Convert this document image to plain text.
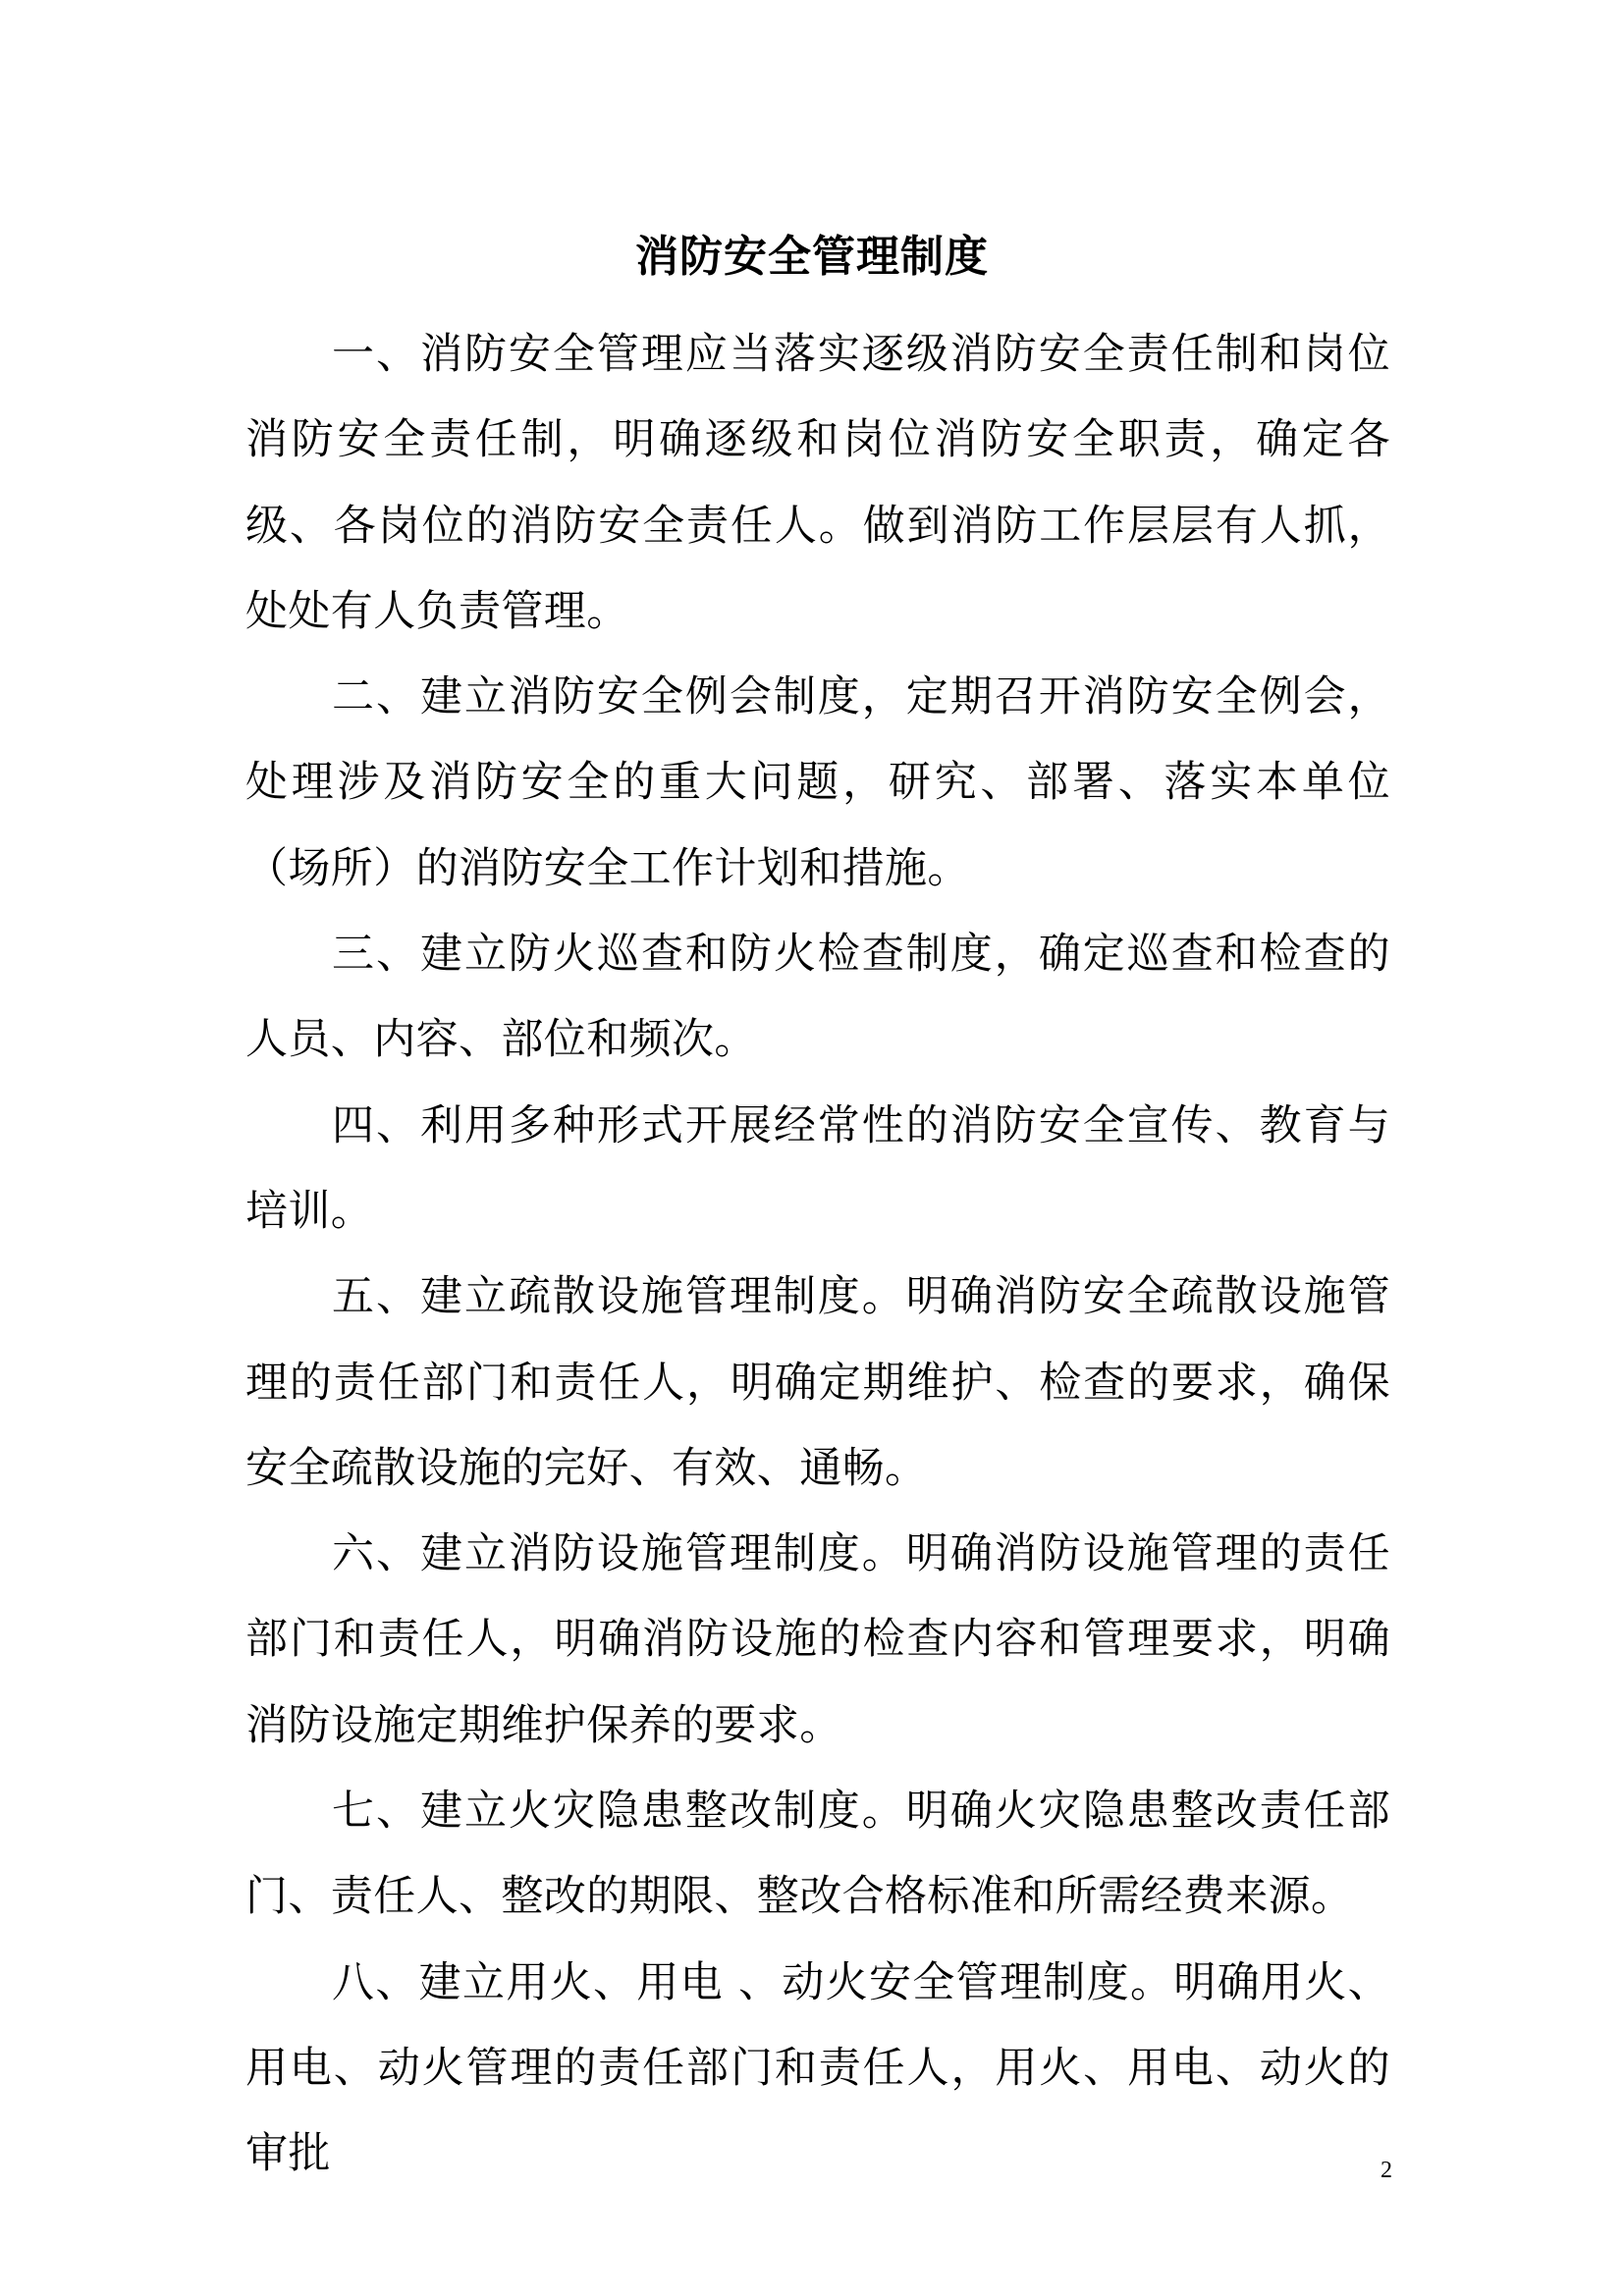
消防安全管理制度

一、消防安全管理应当落实逐级消防安全责任制和岗位消防安全责任制，明确逐级和岗位消防安全职责，确定各级、各岗位的消防安全责任人。做到消防工作层层有人抓，处处有人负责管理。

二、建立消防安全例会制度，定期召开消防安全例会，处理涉及消防安全的重大问题，研究、部署、落实本单位（场所）的消防安全工作计划和措施。

三、建立防火巡查和防火检查制度，确定巡查和检查的人员、内容、部位和频次。

四、利用多种形式开展经常性的消防安全宣传、教育与培训。

五、建立疏散设施管理制度。明确消防安全疏散设施管理的责任部门和责任人，明确定期维护、检查的要求，确保安全疏散设施的完好、有效、通畅。

六、建立消防设施管理制度。明确消防设施管理的责任部门和责任人，明确消防设施的检查内容和管理要求，明确消防设施定期维护保养的要求。

七、建立火灾隐患整改制度。明确火灾隐患整改责任部门、责任人、整改的期限、整改合格标准和所需经费来源。

八、建立用火、用电 、动火安全管理制度。明确用火、用电、动火管理的责任部门和责任人，用火、用电、动火的审批	2
